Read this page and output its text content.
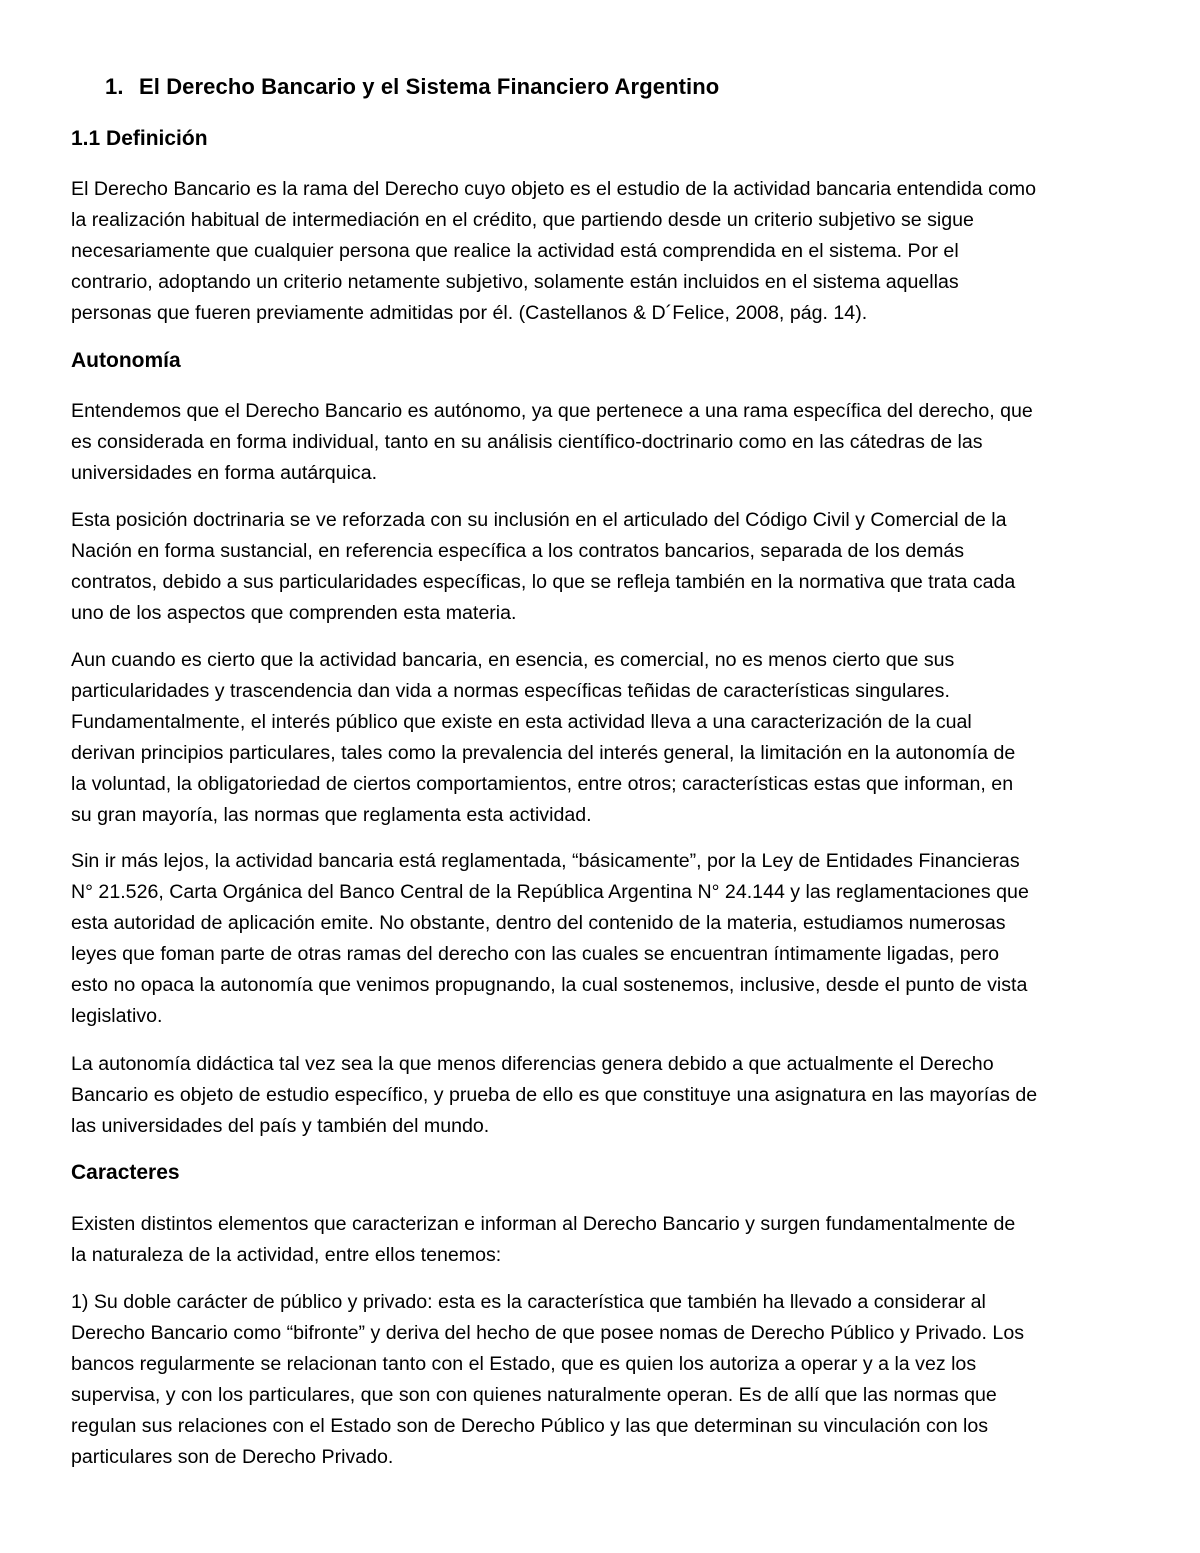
1. El Derecho Bancario y el Sistema Financiero Argentino
1.1 Definición
El Derecho Bancario es la rama del Derecho cuyo objeto es el estudio de la actividad bancaria entendida como
la realización habitual de intermediación en el crédito, que partiendo desde un criterio subjetivo se sigue
necesariamente que cualquier persona que realice la actividad está comprendida en el sistema. Por el
contrario, adoptando un criterio netamente subjetivo, solamente están incluidos en el sistema aquellas
personas que fueren previamente admitidas por él. (Castellanos & D´Felice, 2008, pág. 14).
Autonomía
Entendemos que el Derecho Bancario es autónomo, ya que pertenece a una rama específica del derecho, que
es considerada en forma individual, tanto en su análisis científico-doctrinario como en las cátedras de las
universidades en forma autárquica.
Esta posición doctrinaria se ve reforzada con su inclusión en el articulado del Código Civil y Comercial de la
Nación en forma sustancial, en referencia específica a los contratos bancarios, separada de los demás
contratos, debido a sus particularidades específicas, lo que se refleja también en la normativa que trata cada
uno de los aspectos que comprenden esta materia.
Aun cuando es cierto que la actividad bancaria, en esencia, es comercial, no es menos cierto que sus
particularidades y trascendencia dan vida a normas específicas teñidas de características singulares.
Fundamentalmente, el interés público que existe en esta actividad lleva a una caracterización de la cual
derivan principios particulares, tales como la prevalencia del interés general, la limitación en la autonomía de
la voluntad, la obligatoriedad de ciertos comportamientos, entre otros; características estas que informan, en
su gran mayoría, las normas que reglamenta esta actividad.
Sin ir más lejos, la actividad bancaria está reglamentada, “básicamente”, por la Ley de Entidades Financieras
N° 21.526, Carta Orgánica del Banco Central de la República Argentina N° 24.144 y las reglamentaciones que
esta autoridad de aplicación emite. No obstante, dentro del contenido de la materia, estudiamos numerosas
leyes que foman parte de otras ramas del derecho con las cuales se encuentran íntimamente ligadas, pero
esto no opaca la autonomía que venimos propugnando, la cual sostenemos, inclusive, desde el punto de vista
legislativo.
La autonomía didáctica tal vez sea la que menos diferencias genera debido a que actualmente el Derecho
Bancario es objeto de estudio específico, y prueba de ello es que constituye una asignatura en las mayorías de
las universidades del país y también del mundo.
Caracteres
Existen distintos elementos que caracterizan e informan al Derecho Bancario y surgen fundamentalmente de
la naturaleza de la actividad, entre ellos tenemos:
1) Su doble carácter de público y privado: esta es la característica que también ha llevado a considerar al
Derecho Bancario como “bifronte” y deriva del hecho de que posee nomas de Derecho Público y Privado. Los
bancos regularmente se relacionan tanto con el Estado, que es quien los autoriza a operar y a la vez los
supervisa, y con los particulares, que son con quienes naturalmente operan. Es de allí que las normas que
regulan sus relaciones con el Estado son de Derecho Público y las que determinan su vinculación con los
particulares son de Derecho Privado.
